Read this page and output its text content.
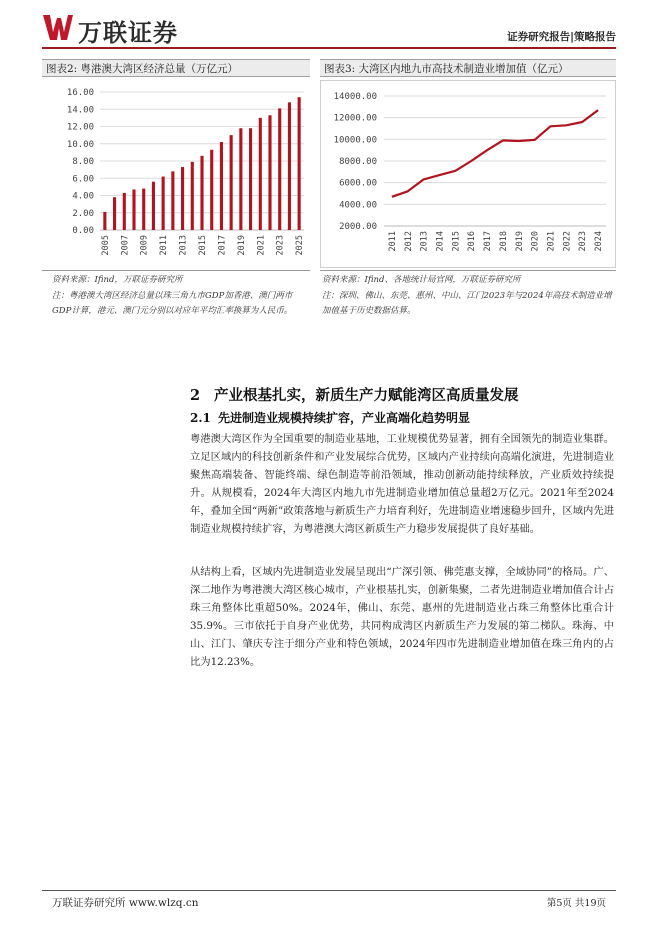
万联证券	证券研究报告|策略报告
图表2: 粤港澳大湾区经济总量（万亿元）	图表3: 大湾区内地九市高技术制造业增加值（亿元）
0.00
2.00
4.00
6.00
8.00
10.00
12.00
14.00
16.00
2005 2007 2009 2011 2013 2015 2017 2019 2021 2023 2025
2000.00
4000.00
6000.00
8000.00
10000.00
12000.00
14000.00
2011 2012 2013 2014 2015 2016 2017 2018 2019 2020 2021 2022 2023 2024
资料来源：Ifind，万联证券研究所
注：粤港澳大湾区经济总量以珠三角九市GDP加香港、澳门两市GDP计算，港元、澳门元分别以对应年平均汇率换算为人民币。
资料来源：Ifind、各地统计局官网，万联证券研究所
注：深圳、佛山、东莞、惠州、中山、江门2023年与2024年高技术制造业增加值基于历史数据估算。
2 产业根基扎实，新质生产力赋能湾区高质量发展
2.1 先进制造业规模持续扩容，产业高端化趋势明显
粤港澳大湾区作为全国重要的制造业基地，工业规模优势显著，拥有全国领先的制造业集群。立足区域内的科技创新条件和产业发展综合优势，区域内产业持续向高端化演进，先进制造业聚焦高端装备、智能终端、绿色制造等前沿领域，推动创新动能持续释放，产业质效持续提升。从规模看，2024年大湾区内地九市先进制造业增加值总量超2万亿元。2021年至2024年，叠加全国“两新”政策落地与新质生产力培育利好，先进制造业增速稳步回升，区域内先进制造业规模持续扩容，为粤港澳大湾区新质生产力稳步发展提供了良好基础。
从结构上看，区域内先进制造业发展呈现出“广深引领、佛莞惠支撑，全域协同”的格局。广、深二地作为粤港澳大湾区核心城市，产业根基扎实，创新集聚，二者先进制造业增加值合计占珠三角整体比重超50%。2024年，佛山、东莞、惠州的先进制造业占珠三角整体比重合计35.9%。三市依托于自身产业优势，共同构成湾区内新质生产力发展的第二梯队。珠海、中山、江门、肇庆专注于细分产业和特色领域，2024年四市先进制造业增加值在珠三角内的占比为12.23%。
万联证券研究所 www.wlzq.cn	第5页 共19页
